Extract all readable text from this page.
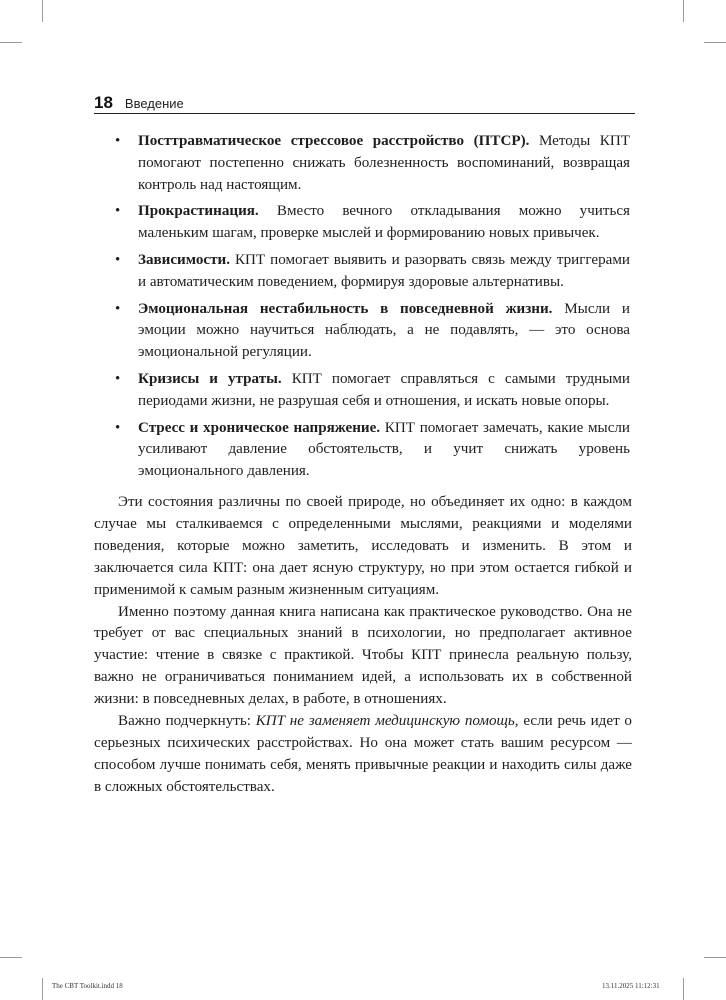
18 Введение
• Посттравматическое стрессовое расстройство (ПТСР). Методы КПТ помогают постепенно снижать болезненность воспоминаний, возвращая контроль над настоящим.
• Прокрастинация. Вместо вечного откладывания можно учиться маленьким шагам, проверке мыслей и формированию новых привычек.
• Зависимости. КПТ помогает выявить и разорвать связь между триггерами и автоматическим поведением, формируя здоровые альтернативы.
• Эмоциональная нестабильность в повседневной жизни. Мысли и эмоции можно научиться наблюдать, а не подавлять, — это основа эмоциональной регуляции.
• Кризисы и утраты. КПТ помогает справляться с самыми трудными периодами жизни, не разрушая себя и отношения, и искать новые опоры.
• Стресс и хроническое напряжение. КПТ помогает замечать, какие мысли усиливают давление обстоятельств, и учит снижать уровень эмоционального давления.

Эти состояния различны по своей природе, но объединяет их одно: в каждом случае мы сталкиваемся с определенными мыслями, реакциями и моделями поведения, которые можно заметить, исследовать и изменить. В этом и заключается сила КПТ: она дает ясную структуру, но при этом остается гибкой и применимой к самым разным жизненным ситуациям.

Именно поэтому данная книга написана как практическое руководство. Она не требует от вас специальных знаний в психологии, но предполагает активное участие: чтение в связке с практикой. Чтобы КПТ принесла реальную пользу, важно не ограничиваться пониманием идей, а использовать их в собственной жизни: в повседневных делах, в работе, в отношениях.

Важно подчеркнуть: КПТ не заменяет медицинскую помощь, если речь идет о серьезных психических расстройствах. Но она может стать вашим ресурсом — способом лучше понимать себя, менять привычные реакции и находить силы даже в сложных обстоятельствах.

The CBT Toolkit.indd 18	13.11.2025 11:12:31
